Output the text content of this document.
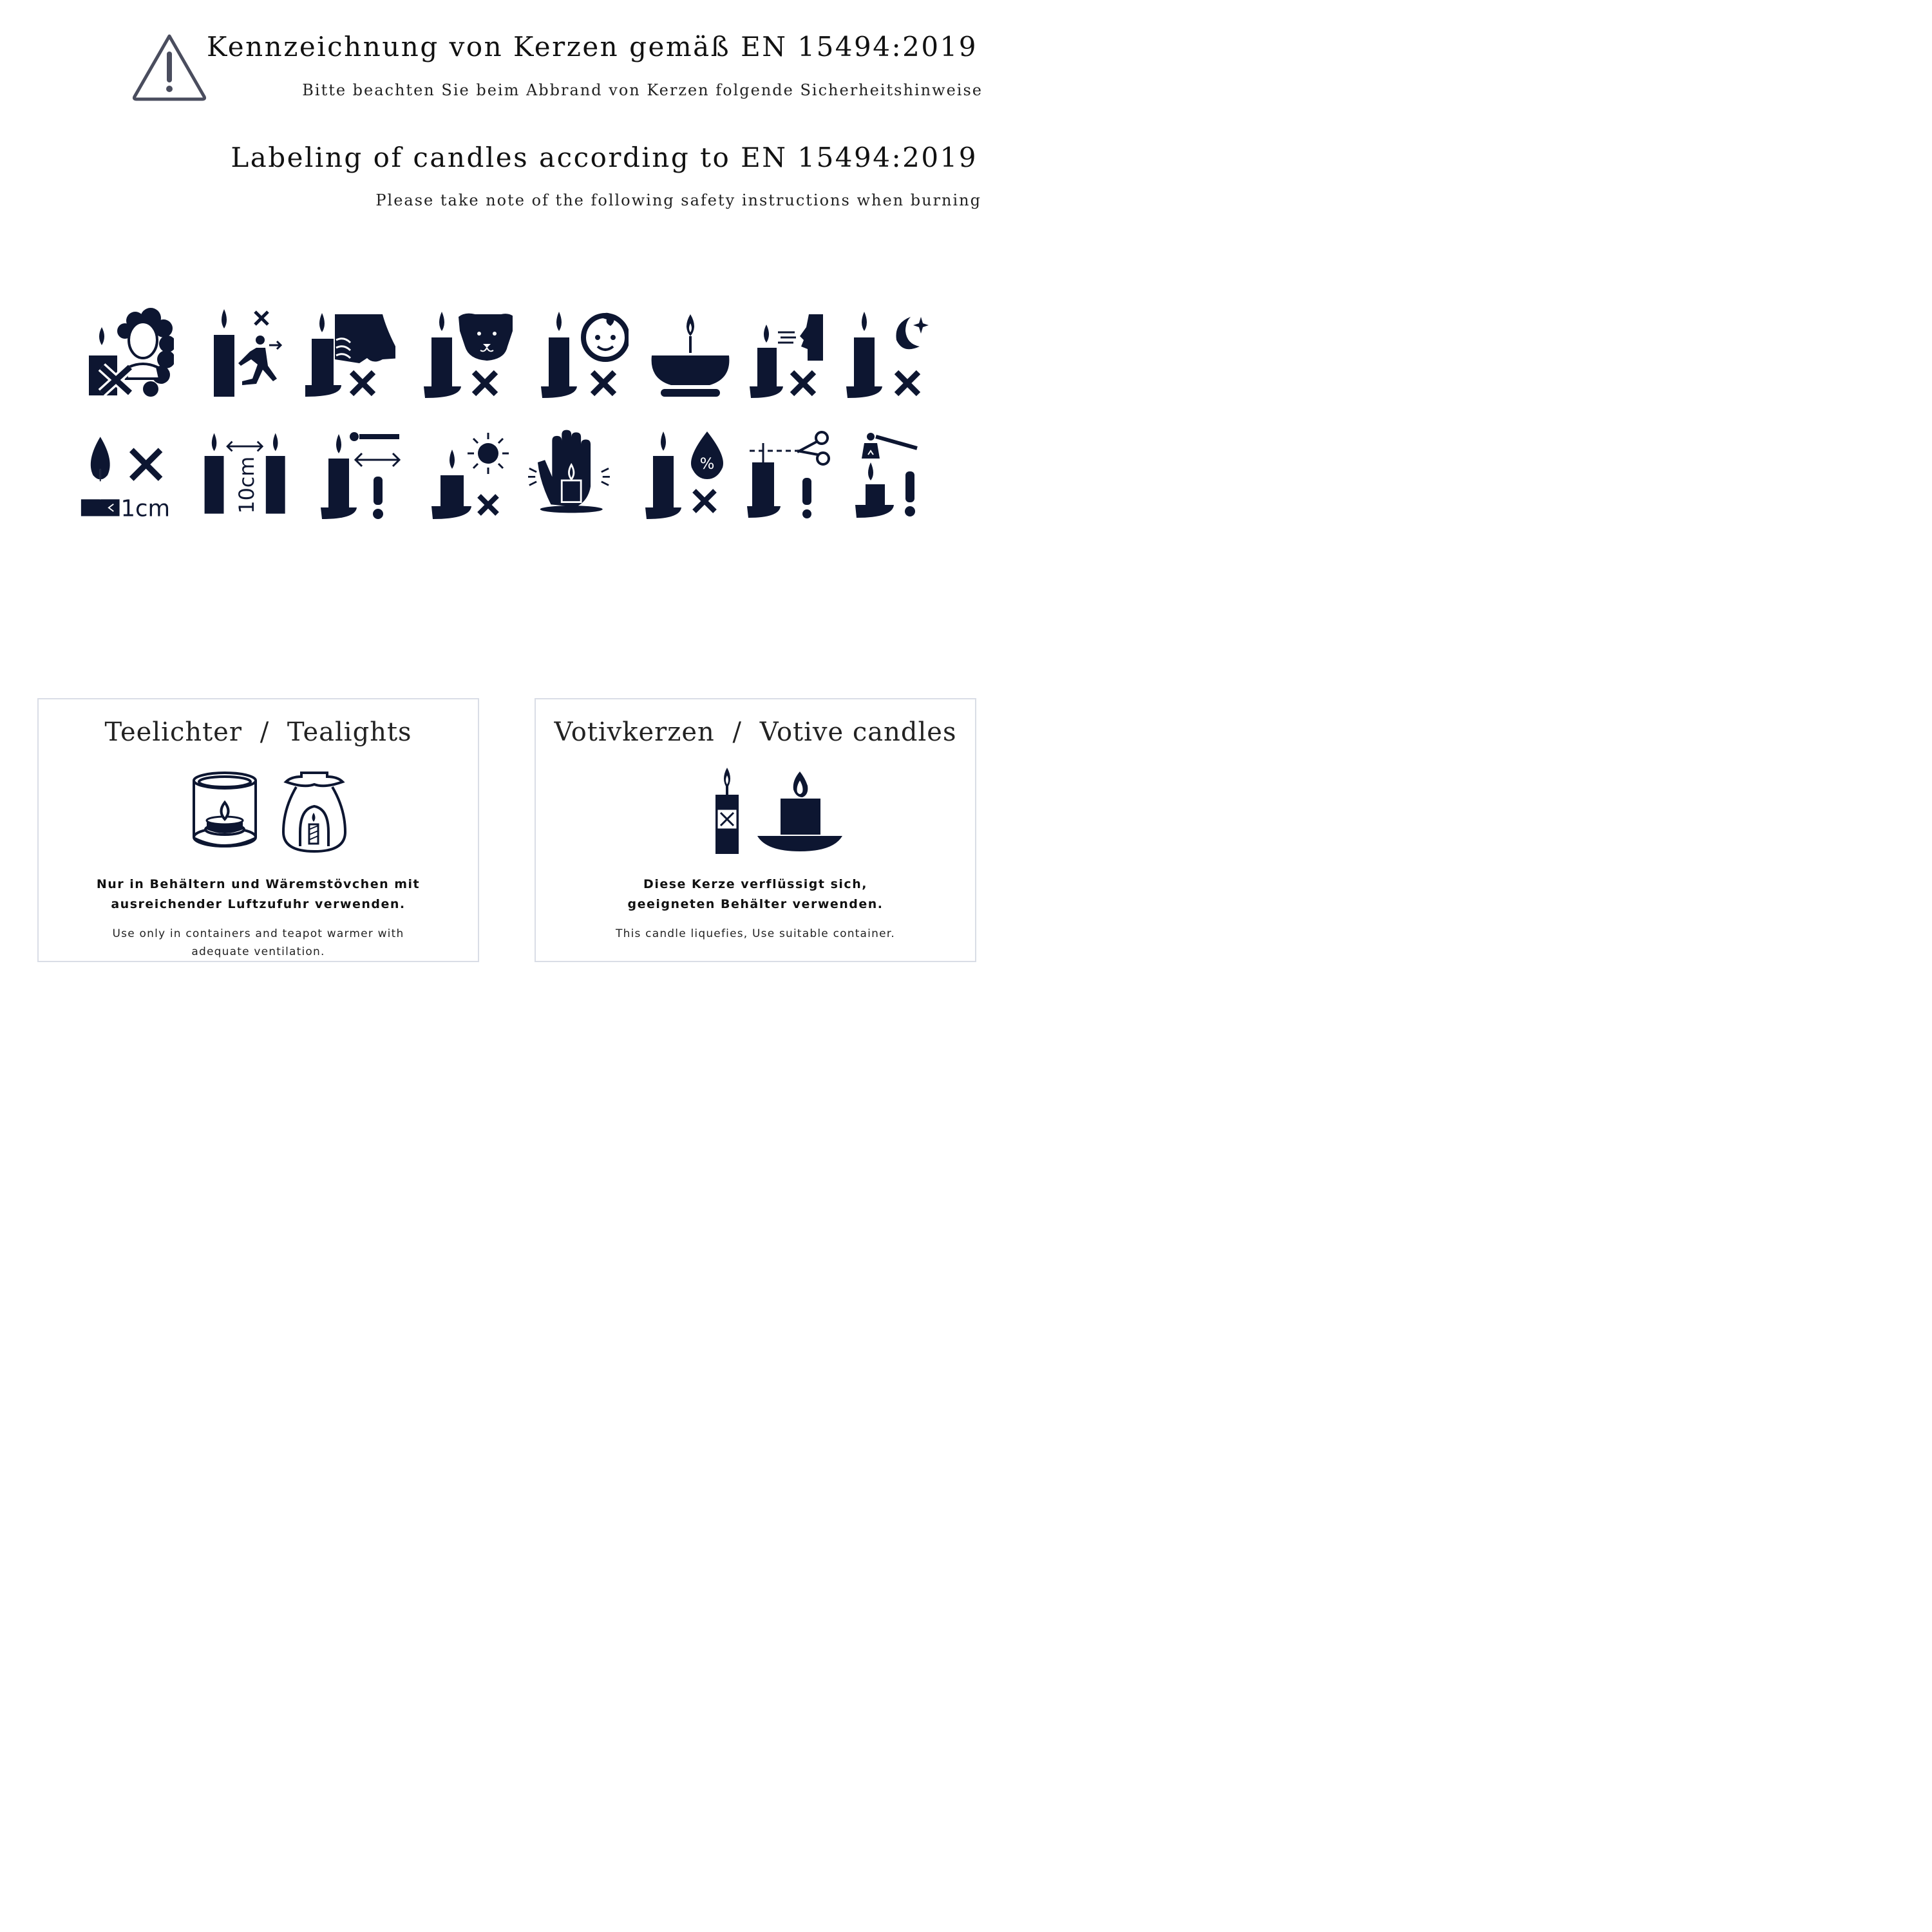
Kennzeichnung von Kerzen gemäß EN 15494:2019
Bitte beachten Sie beim Abbrand von Kerzen folgende Sicherheitshinweise
Labeling of candles according to EN 15494:2019
Please take note of the following safety instructions when burning
1cm	10cm	%
Teelichter / Tealights
Nur in Behältern und Wäremstövchen mit
ausreichender Luftzufuhr verwenden.
Use only in containers and teapot warmer with
adequate ventilation.
Votivkerzen / Votive candles
Diese Kerze verflüssigt sich,
geeigneten Behälter verwenden.
This candle liquefies, Use suitable container.
